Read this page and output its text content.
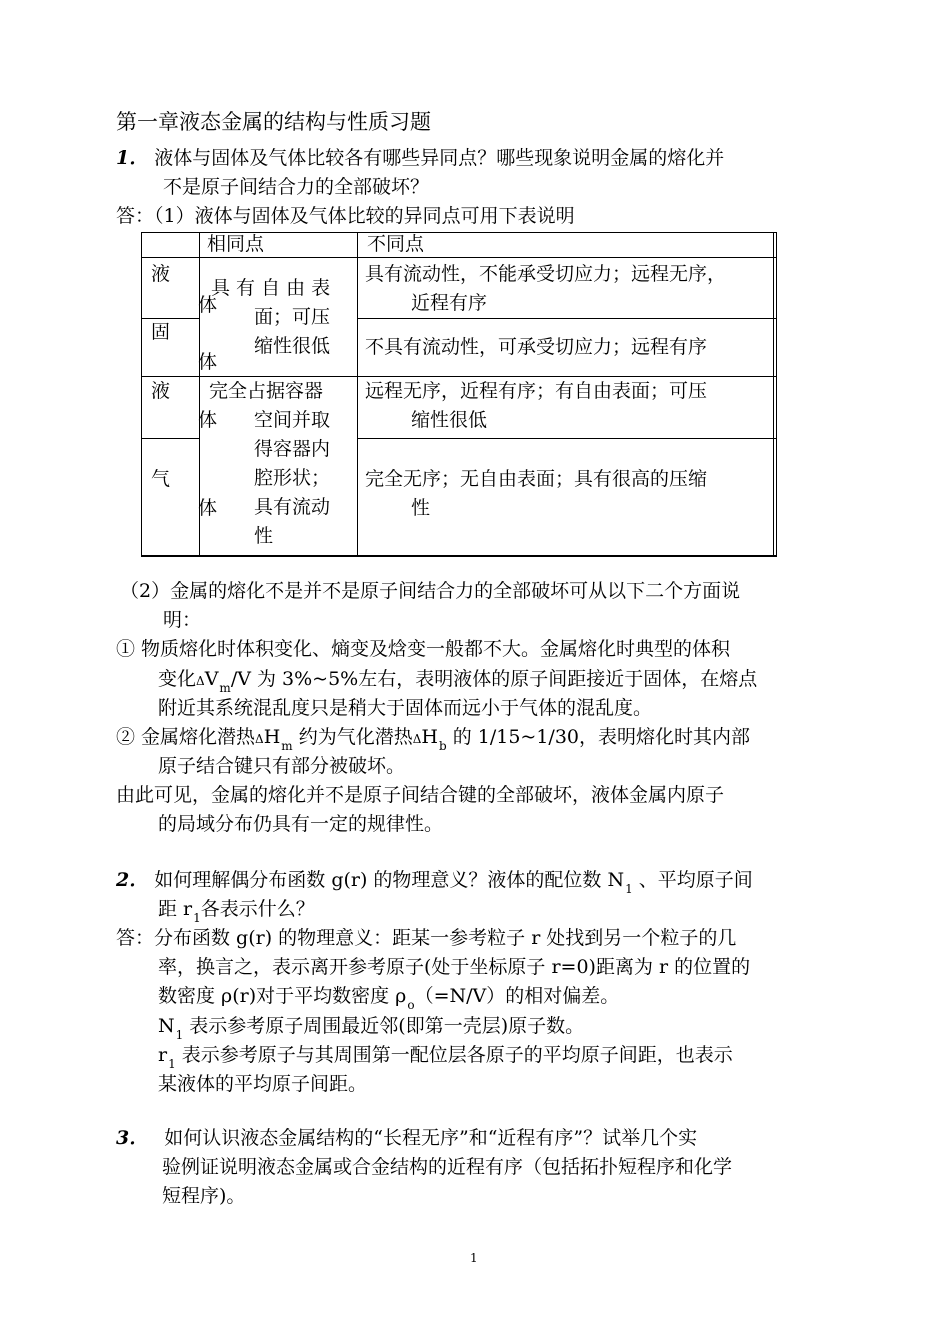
第一章液态金属的结构与性质习题
1． 液体与固体及气体比较各有哪些异同点？哪些现象说明金属的熔化并
不是原子间结合力的全部破坏？
答：（1）液体与固体及气体比较的异同点可用下表说明
相同点	不同点
液
体
固
体
液
体
气
体
具 有 自 由 表
面；可压
缩性很低
完全占据容器
空间并取
得容器内
腔形状；
具有流动
性
具有流动性，不能承受切应力；远程无序，
近程有序
不具有流动性，可承受切应力；远程有序
远程无序，近程有序；有自由表面；可压
缩性很低
完全无序；无自由表面；具有很高的压缩
性
（2）金属的熔化不是并不是原子间结合力的全部破坏可从以下二个方面说
明：
① 物质熔化时体积变化、熵变及焓变一般都不大。金属熔化时典型的体积
变化$\Delta V_m/V$ 为 3%~5%左右，表明液体的原子间距接近于固体，在熔点
附近其系统混乱度只是稍大于固体而远小于气体的混乱度。
② 金属熔化潜热$\Delta H_m$ 约为气化潜热$\Delta H_b$ 的 1/15~1/30，表明熔化时其内部
原子结合键只有部分被破坏。
由此可见，金属的熔化并不是原子间结合键的全部破坏，液体金属内原子
的局域分布仍具有一定的规律性。
2． 如何理解偶分布函数 g(r) 的物理意义？液体的配位数 $N_1$ 、平均原子间
距 $r_1$各表示什么？
答：分布函数 g(r) 的物理意义：距某一参考粒子 r 处找到另一个粒子的几
率，换言之，表示离开参考原子(处于坐标原子 r=0)距离为 r 的位置的
数密度 ρ(r)对于平均数密度 $\rho_o(=N/V)$的相对偏差。
$N_1$ 表示参考原子周围最近邻(即第一壳层)原子数。
$r_1$ 表示参考原子与其周围第一配位层各原子的平均原子间距，也表示
某液体的平均原子间距。
3． 如何认识液态金属结构的“长程无序”和“近程有序”？试举几个实
验例证说明液态金属或合金结构的近程有序（包括拓扑短程序和化学
短程序)。
1
